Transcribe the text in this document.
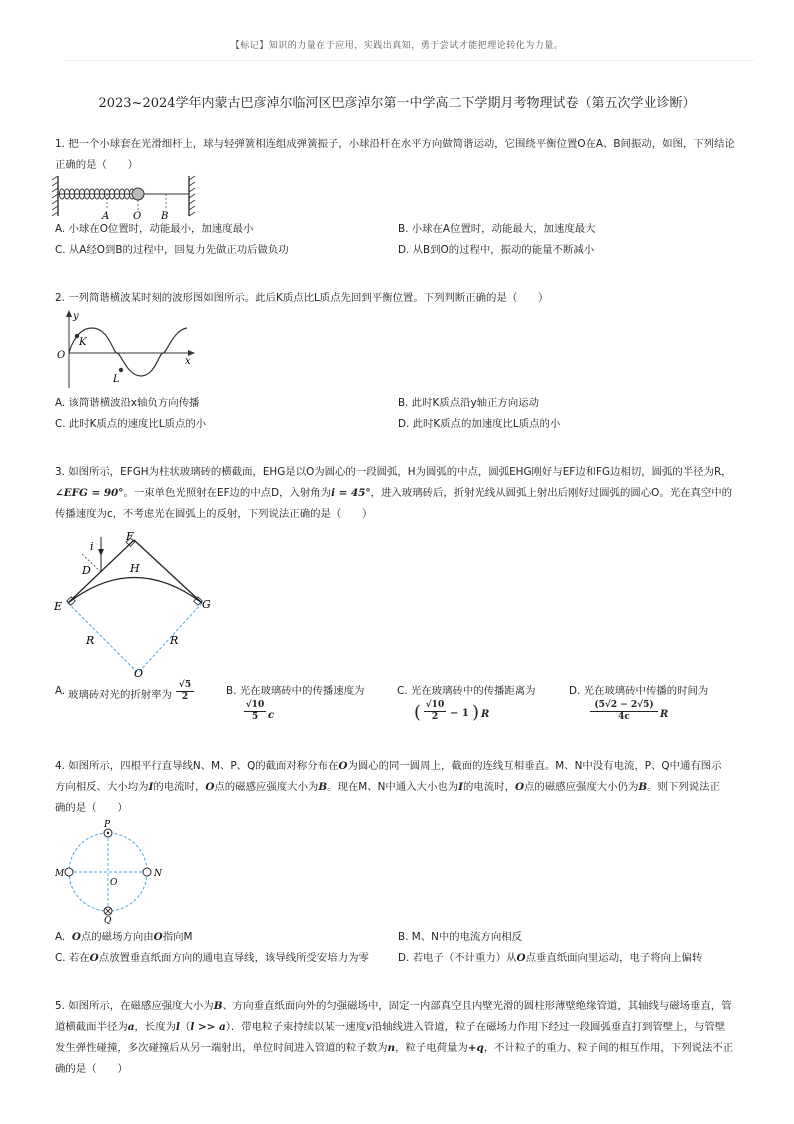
【标记】知识的力量在于应用，实践出真知，勇于尝试才能把理论转化为力量。
2023~2024学年内蒙古巴彦淖尔临河区巴彦淖尔第一中学高二下学期月考物理试卷（第五次学业诊断）
1. 把一个小球套在光滑细杆上，球与轻弹簧相连组成弹簧振子，小球沿杆在水平方向做简谐运动，它围绕平衡位置O在A、B间振动，如图，下列结论
正确的是（　　）
A O B
A. 小球在O位置时，动能最小，加速度最小	B. 小球在A位置时，动能最大，加速度最大
C. 从A经O到B的过程中，回复力先做正功后做负功	D. 从B到O的过程中，振动的能量不断减小
2. 一列简谐横波某时刻的波形图如图所示。此后K质点比L质点先回到平衡位置。下列判断正确的是（　　）
y
x
O
K
L
A. 该简谐横波沿x轴负方向传播	B. 此时K质点沿y轴正方向运动
C. 此时K质点的速度比L质点的小	D. 此时K质点的加速度比L质点的小
3. 如图所示，EFGH为柱状玻璃砖的横截面，EHG是以O为圆心的一段圆弧，H为圆弧的中点，圆弧EHG刚好与EF边和FG边相切，圆弧的半径为R，
∠EFG = 90°。一束单色光照射在EF边的中点D，入射角为i = 45°，进入玻璃砖后，折射光线从圆弧上射出后刚好过圆弧的圆心O。光在真空中的
传播速度为c，不考虑光在圆弧上的反射，下列说法正确的是（　　）
i
F
D	H
E	G
R	R
O
A. 玻璃砖对光的折射率为 $\frac{√5}{2}$	B. 光在玻璃砖中的传播速度为
$\frac{√10}{5}$ c
C. 光在玻璃砖中的传播距离为
( $\frac{√10}{2} - 1$ ) R
D. 光在玻璃砖中传播的时间为
$\frac{(5√2 - 2√5)}{4c}$ R
4. 如图所示，四根平行直导线N、M、P、Q的截面对称分布在O为圆心的同一圆周上，截面的连线互相垂直。M、N中没有电流，P、Q中通有图示
方向相反、大小均为I的电流时，O点的磁感应强度大小为B。现在M、N中通入大小也为I的电流时，O点的磁感应强度大小仍为B。则下列说法正
确的是（　　）
P
M	N
O
Q
A. O点的磁场方向由O指向M	B. M、N中的电流方向相反
C. 若在O点放置垂直纸面方向的通电直导线，该导线所受安培力为零	D. 若电子（不计重力）从O点垂直纸面向里运动，电子将向上偏转
5. 如图所示，在磁感应强度大小为B、方向垂直纸面向外的匀强磁场中，固定一内部真空且内壁光滑的圆柱形薄壁绝缘管道，其轴线与磁场垂直，管
道横截面半径为a，长度为l（l >> a）．带电粒子束持续以某一速度v沿轴线进入管道，粒子在磁场力作用下经过一段圆弧垂直打到管壁上，与管壁
发生弹性碰撞，多次碰撞后从另一端射出，单位时间进入管道的粒子数为n，粒子电荷量为+q，不计粒子的重力、粒子间的相互作用，下列说法不正
确的是（　　）
